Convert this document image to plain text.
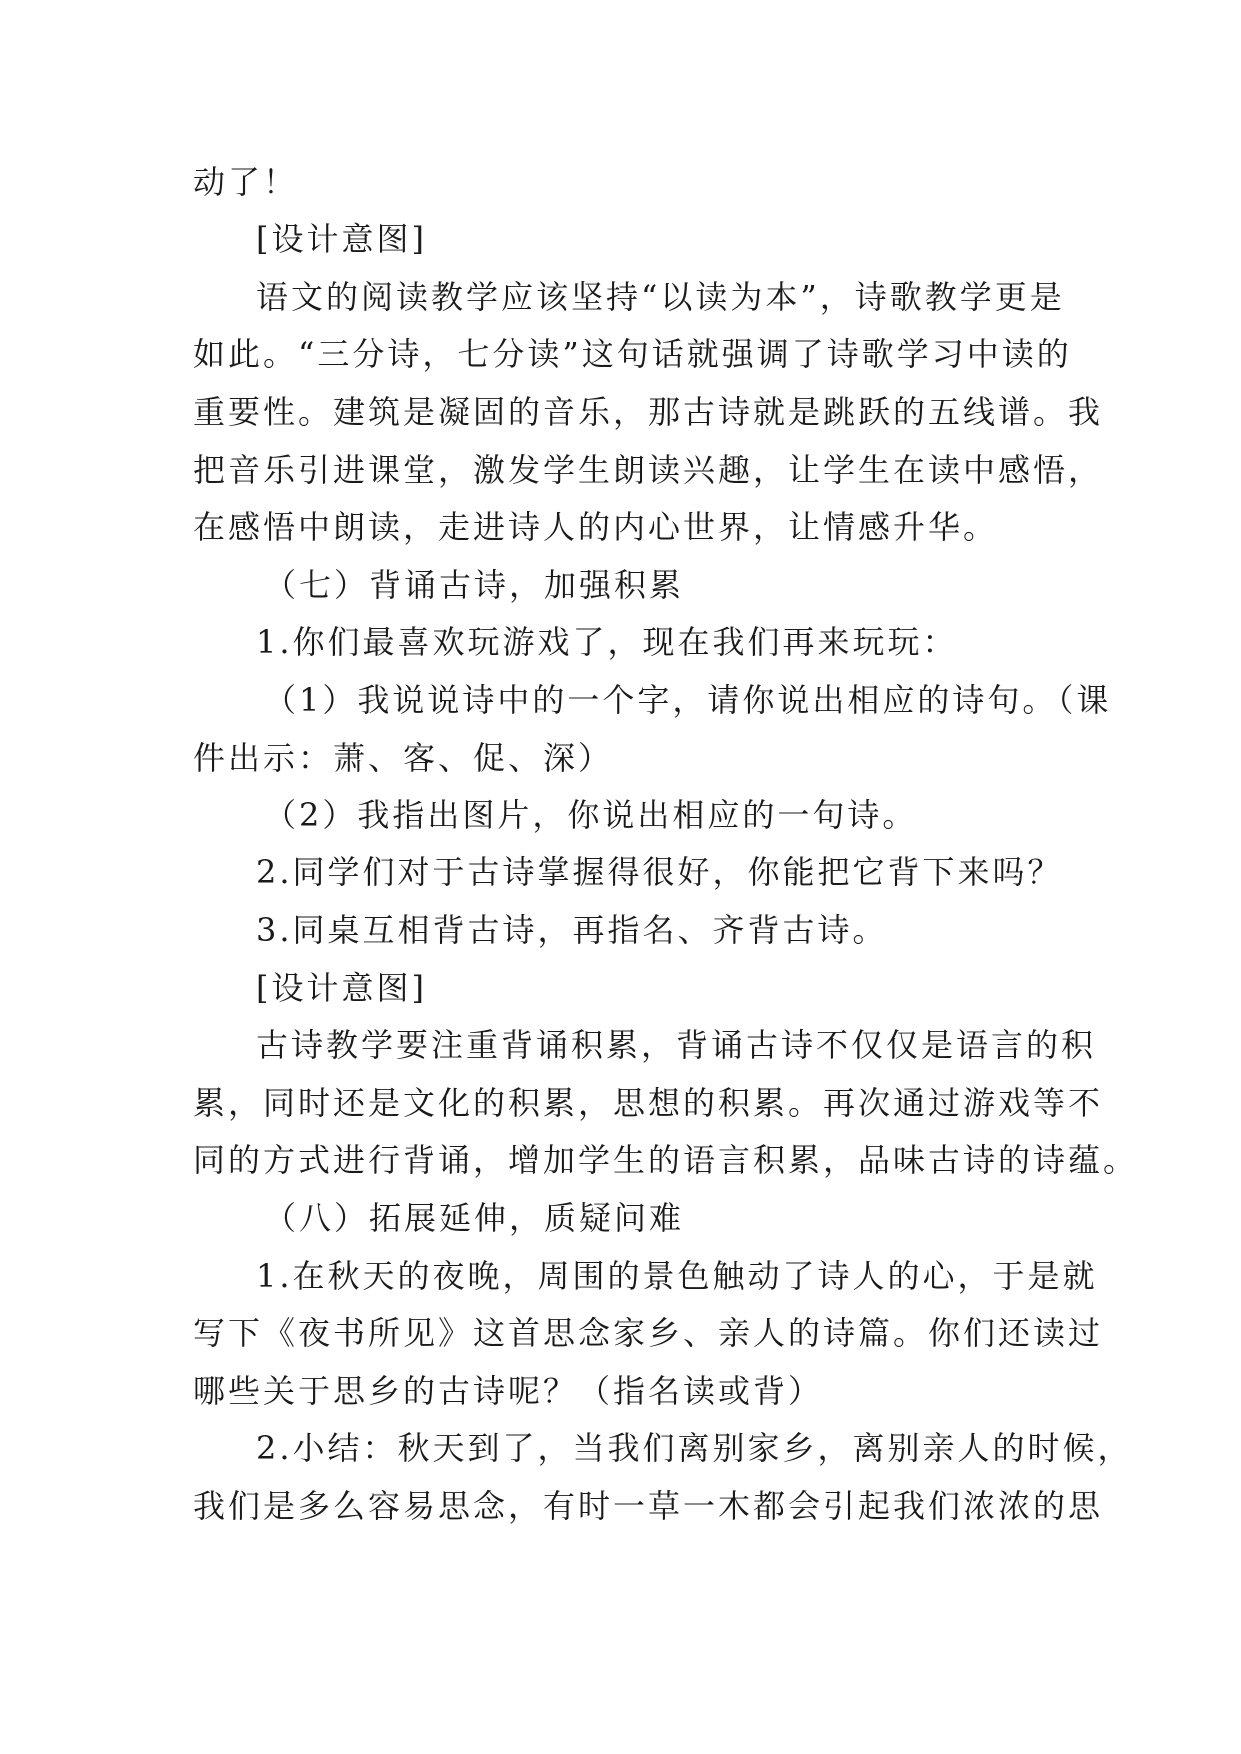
动了！
[设计意图]
语文的阅读教学应该坚持“以读为本”，诗歌教学更是
如此。“三分诗，七分读”这句话就强调了诗歌学习中读的
重要性。建筑是凝固的音乐，那古诗就是跳跃的五线谱。我
把音乐引进课堂，激发学生朗读兴趣，让学生在读中感悟，
在感悟中朗读，走进诗人的内心世界，让情感升华。
（七）背诵古诗，加强积累
1.你们最喜欢玩游戏了，现在我们再来玩玩：
（1）我说说诗中的一个字，请你说出相应的诗句。（课
件出示：萧、客、促、深）
（2）我指出图片，你说出相应的一句诗。
2.同学们对于古诗掌握得很好，你能把它背下来吗？
3.同桌互相背古诗，再指名、齐背古诗。
[设计意图]
古诗教学要注重背诵积累，背诵古诗不仅仅是语言的积
累，同时还是文化的积累，思想的积累。再次通过游戏等不
同的方式进行背诵，增加学生的语言积累，品味古诗的诗蕴。
（八）拓展延伸，质疑问难
1.在秋天的夜晚，周围的景色触动了诗人的心，于是就
写下《夜书所见》这首思念家乡、亲人的诗篇。你们还读过
哪些关于思乡的古诗呢？（指名读或背）
2.小结：秋天到了，当我们离别家乡，离别亲人的时候，
我们是多么容易思念，有时一草一木都会引起我们浓浓的思
